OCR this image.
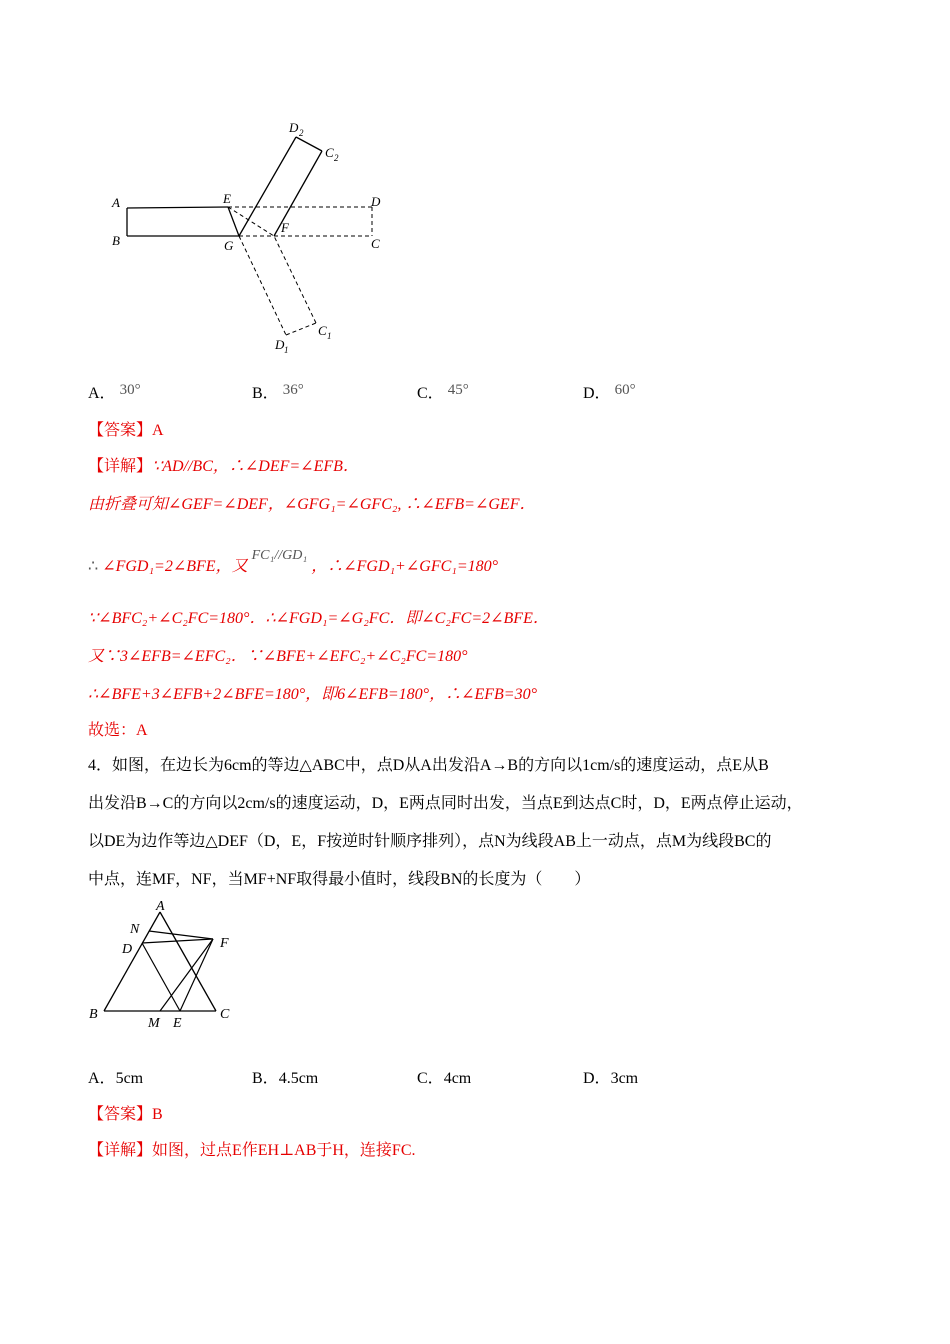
A
B
E	D
G
F
C
D 2
C 2
C 1
D 1
A． 30°	B． 36°	C． 45°	D． 60°
【答案】A
【详解】∵AD//BC，∴∠DEF=∠EFB．
由折叠可知∠GEF=∠DEF，∠GFG₁=∠GFC₂, ∴∠EFB=∠GEF．
∴ ∠FGD₁=2∠BFE，又 FC₁//GD₁ ，∴∠FGD₁+∠GFC₁=180°
∵∠BFC₂+∠C₂FC=180°．∴∠FGD₁=∠G₂FC．即∠C₂FC=2∠BFE．
又∵3∠EFB=∠EFC₂．∵∠BFE+∠EFC₂+∠C₂FC=180°
∴∠BFE+3∠EFB+2∠BFE=180°，即6∠EFB=180°，∴∠EFB=30°
故选：A
4．如图，在边长为6cm的等边△ABC中，点D从A出发沿A→B的方向以1cm/s的速度运动，点E从B
出发沿B→C的方向以2cm/s的速度运动，D，E两点同时出发，当点E到达点C时，D，E两点停止运动，
以DE为边作等边△DEF（D，E，F按逆时针顺序排列），点N为线段AB上一动点，点M为线段BC的
中点，连MF，NF，当MF+NF取得最小值时，线段BN的长度为（　　）
A
N
D	F
B
M E
C
A．5cm	B．4.5cm	C．4cm	D．3cm
【答案】B
【详解】如图，过点E作EH⊥AB于H，连接FC.
